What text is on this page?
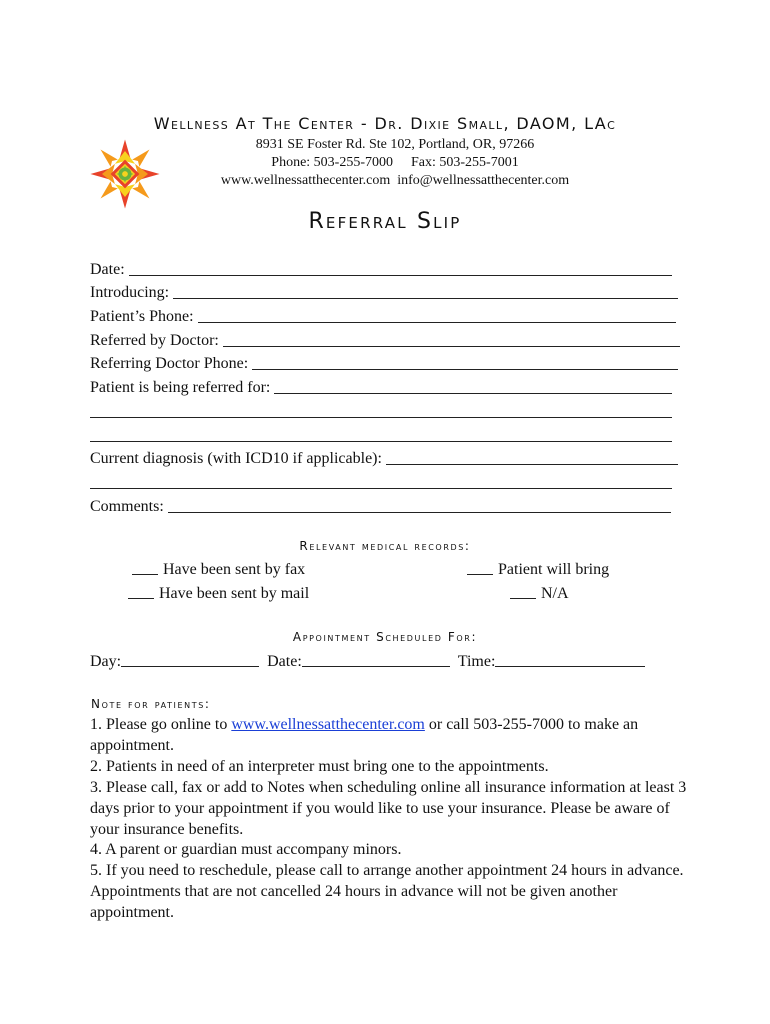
Wellness At The Center - Dr. Dixie Small, DAOM, LAc
8931 SE Foster Rd. Ste 102, Portland, OR, 97266
Phone: 503-255-7000 Fax: 503-255-7001
www.wellnessatthecenter.com info@wellnessatthecenter.com
Referral Slip
Date:
Introducing:
Patient’s Phone:
Referred by Doctor:
Referring Doctor Phone:
Patient is being referred for:
Current diagnosis (with ICD10 if applicable):
Comments:
Relevant medical records:
Have been sent by fax
Have been sent by mail
Patient will bring
N/A
Appointment Scheduled For:
Day:	Date:	Time:
Note for patients:

1. Please go online to www.wellnessatthecenter.com or call 503-255-7000 to make an appointment.

2. Patients in need of an interpreter must bring one to the appointments.

3. Please call, fax or add to Notes when scheduling online all insurance information at least 3 days prior to your appointment if you would like to use your insurance. Please be aware of your insurance benefits.

4. A parent or guardian must accompany minors.

5. If you need to reschedule, please call to arrange another appointment 24 hours in advance. Appointments that are not cancelled 24 hours in advance will not be given another appointment.
